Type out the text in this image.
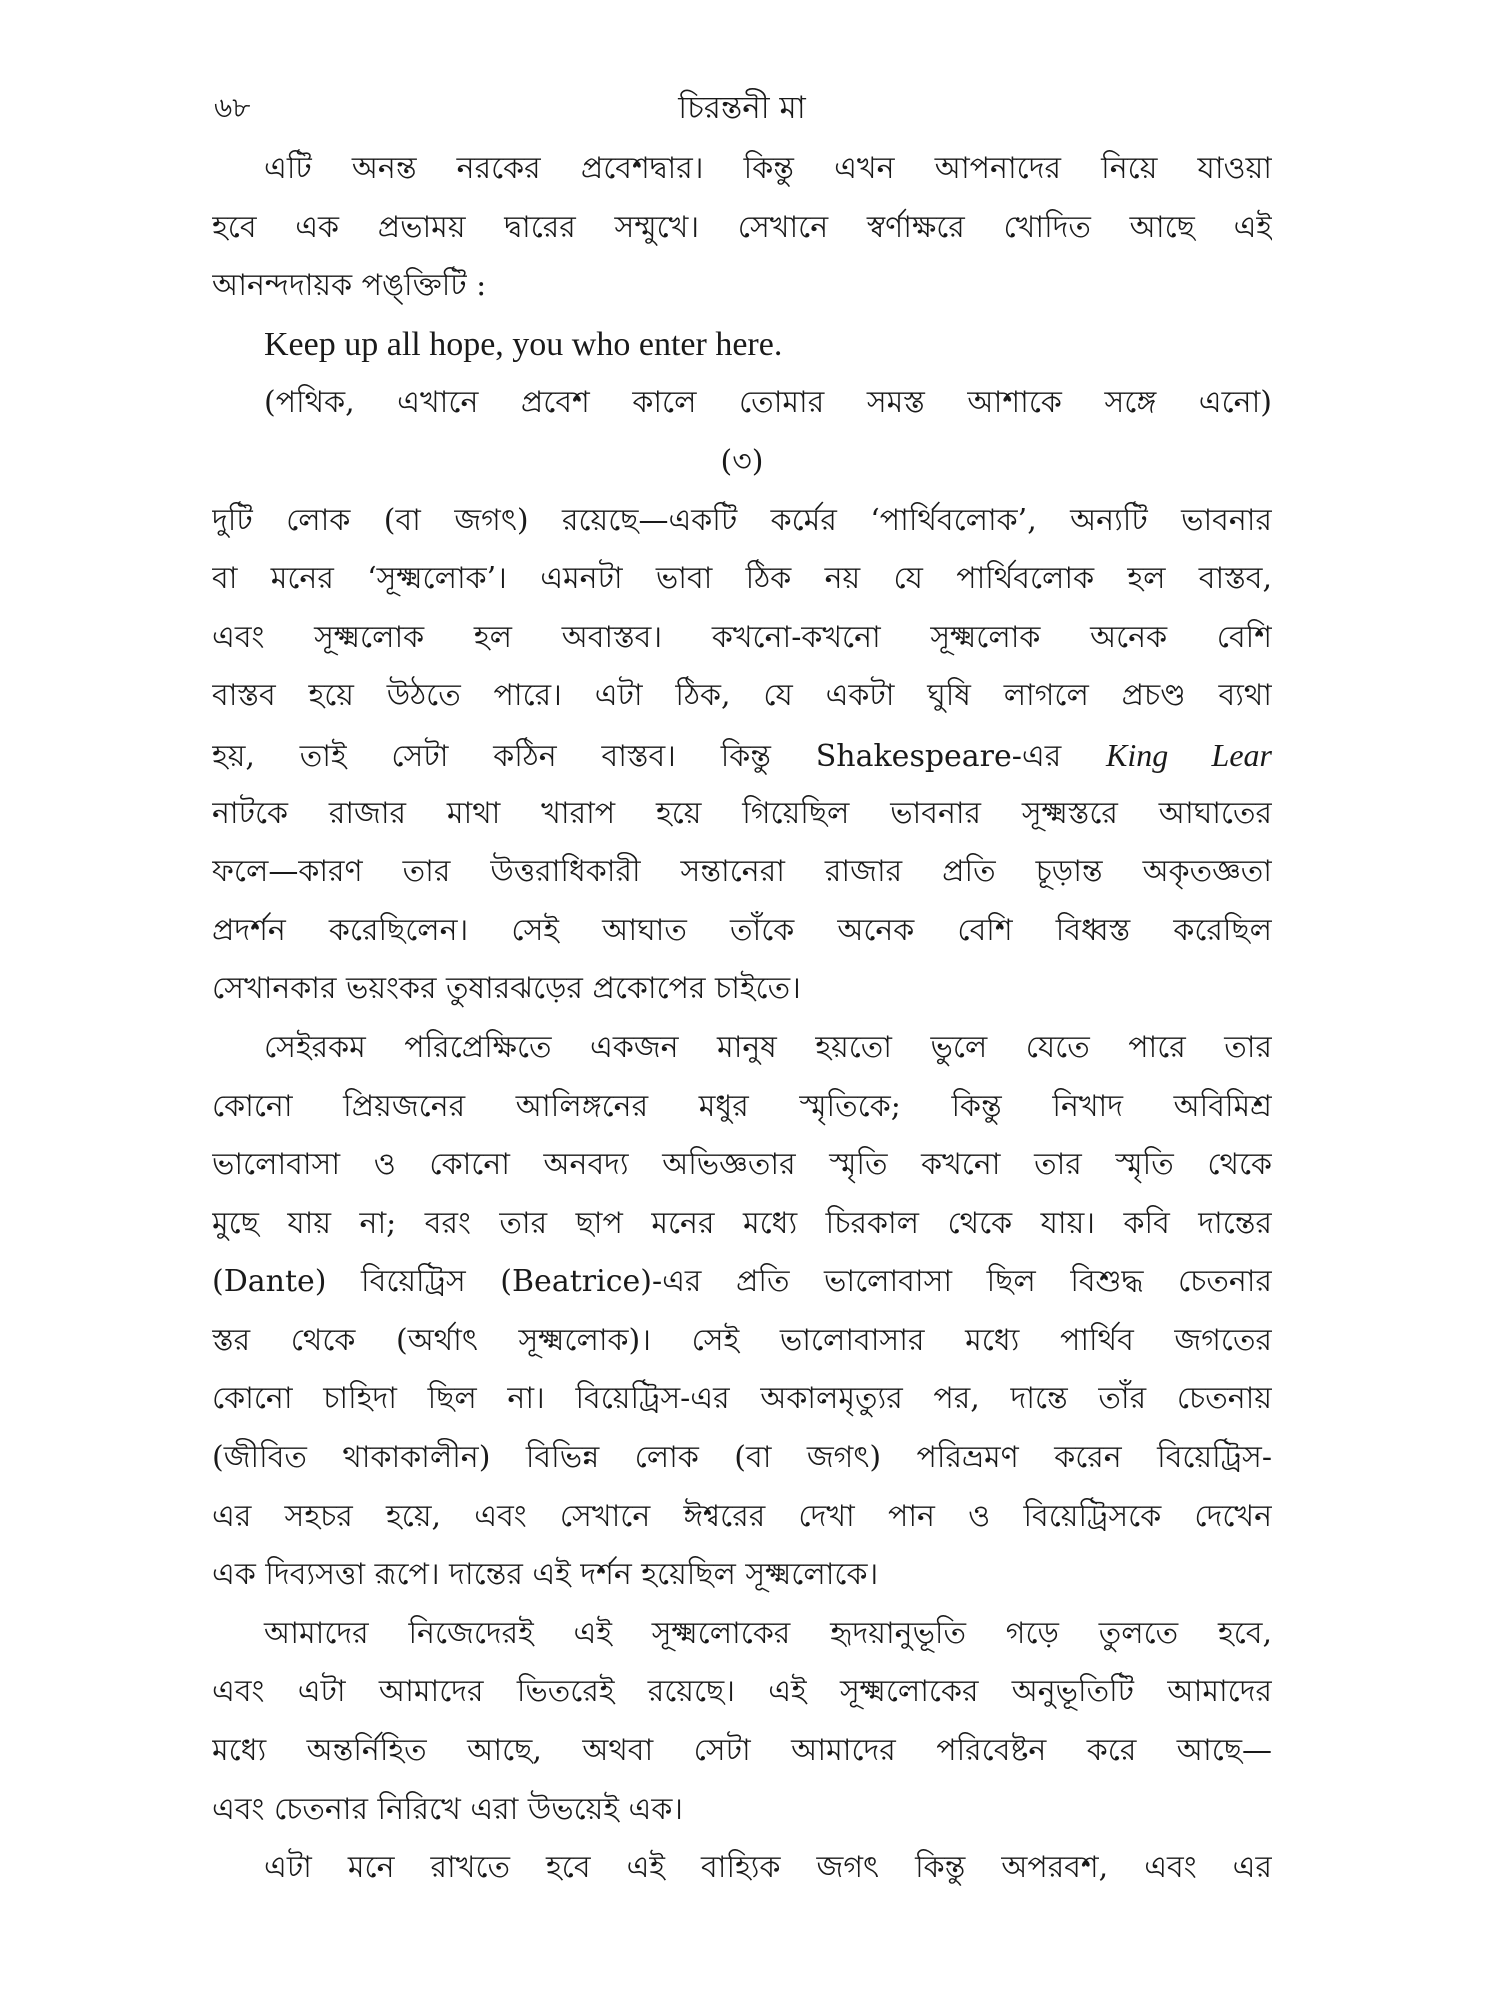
৬৮	চিরন্তনী মা
এটি অনন্ত নরকের প্রবেশদ্বার। কিন্তু এখন আপনাদের নিয়ে যাওয়া
হবে এক প্রভাময় দ্বারের সম্মুখে। সেখানে স্বর্ণাক্ষরে খোদিত আছে এই
আনন্দদায়ক পঙ্‌ক্তিটি :
Keep up all hope, you who enter here.
(পথিক, এখানে প্রবেশ কালে তোমার সমস্ত আশাকে সঙ্গে এনো)
(৩)
দুটি লোক (বা জগৎ) রয়েছে—একটি কর্মের ‘পার্থিবলোক’, অন্যটি ভাবনার
বা মনের ‘সূক্ষ্মলোক’। এমনটা ভাবা ঠিক নয় যে পার্থিবলোক হল বাস্তব,
এবং সূক্ষ্মলোক হল অবাস্তব। কখনো-কখনো সূক্ষ্মলোক অনেক বেশি
বাস্তব হয়ে উঠতে পারে। এটা ঠিক, যে একটা ঘুষি লাগলে প্রচণ্ড ব্যথা
হয়, তাই সেটা কঠিন বাস্তব। কিন্তু Shakespeare-এর King Lear
নাটকে রাজার মাথা খারাপ হয়ে গিয়েছিল ভাবনার সূক্ষ্মস্তরে আঘাতের
ফলে—কারণ তার উত্তরাধিকারী সন্তানেরা রাজার প্রতি চূড়ান্ত অকৃতজ্ঞতা
প্রদর্শন করেছিলেন। সেই আঘাত তাঁকে অনেক বেশি বিধ্বস্ত করেছিল
সেখানকার ভয়ংকর তুষারঝড়ের প্রকোপের চাইতে।
সেইরকম পরিপ্রেক্ষিতে একজন মানুষ হয়তো ভুলে যেতে পারে তার
কোনো প্রিয়জনের আলিঙ্গনের মধুর স্মৃতিকে; কিন্তু নিখাদ অবিমিশ্র
ভালোবাসা ও কোনো অনবদ্য অভিজ্ঞতার স্মৃতি কখনো তার স্মৃতি থেকে
মুছে যায় না; বরং তার ছাপ মনের মধ্যে চিরকাল থেকে যায়। কবি দান্তের
(Dante) বিয়েট্রিস (Beatrice)-এর প্রতি ভালোবাসা ছিল বিশুদ্ধ চেতনার
স্তর থেকে (অর্থাৎ সূক্ষ্মলোক)। সেই ভালোবাসার মধ্যে পার্থিব জগতের
কোনো চাহিদা ছিল না। বিয়েট্রিস-এর অকালমৃত্যুর পর, দান্তে তাঁর চেতনায়
(জীবিত থাকাকালীন) বিভিন্ন লোক (বা জগৎ) পরিভ্রমণ করেন বিয়েট্রিস-
এর সহচর হয়ে, এবং সেখানে ঈশ্বরের দেখা পান ও বিয়েট্রিসকে দেখেন
এক দিব্যসত্তা রূপে। দান্তের এই দর্শন হয়েছিল সূক্ষ্মলোকে।
আমাদের নিজেদেরই এই সূক্ষ্মলোকের হৃদয়ানুভূতি গড়ে তুলতে হবে,
এবং এটা আমাদের ভিতরেই রয়েছে। এই সূক্ষ্মলোকের অনুভূতিটি আমাদের
মধ্যে অন্তর্নিহিত আছে, অথবা সেটা আমাদের পরিবেষ্টন করে আছে—
এবং চেতনার নিরিখে এরা উভয়েই এক।
এটা মনে রাখতে হবে এই বাহ্যিক জগৎ কিন্তু অপরবশ, এবং এর
